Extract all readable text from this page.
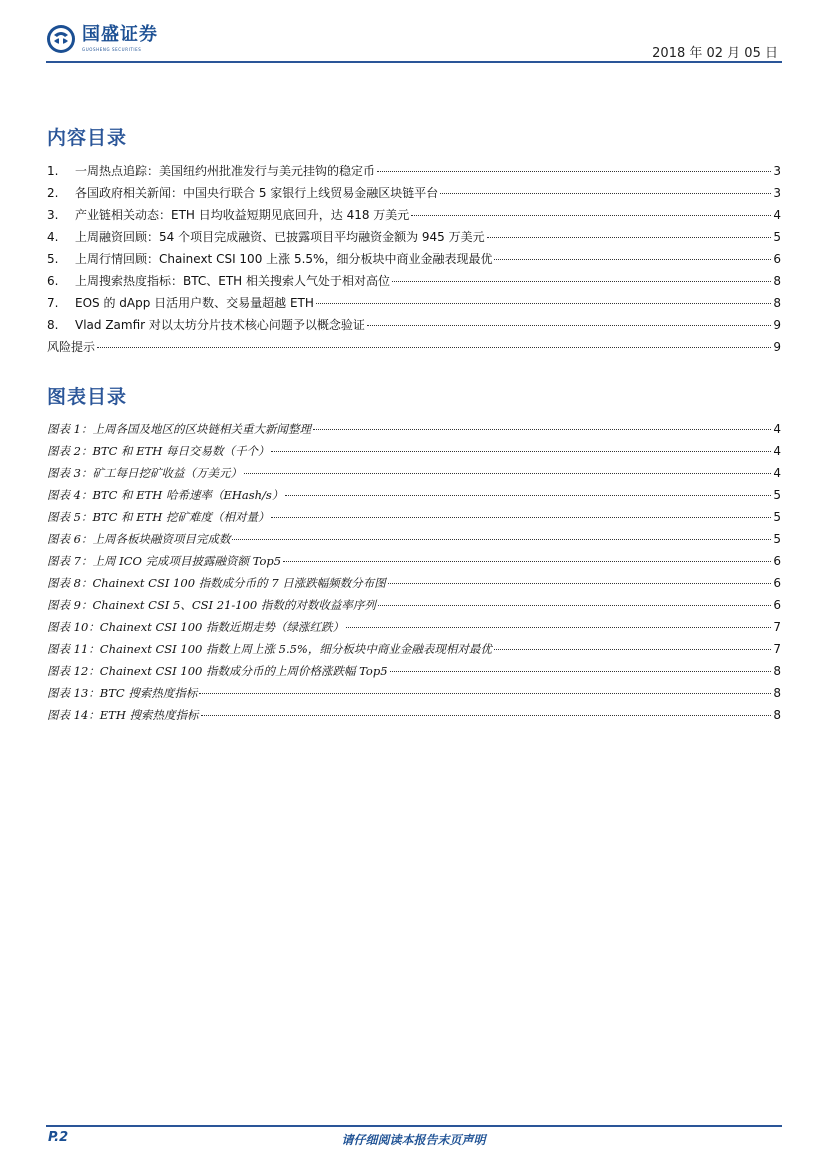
国盛证券
GUOSHENG SECURITIES	2018 年 02 月 05 日
内容目录
1.	一周热点追踪：美国纽约州批准发行与美元挂钩的稳定币	3
2.	各国政府相关新闻：中国央行联合 5 家银行上线贸易金融区块链平台	3
3.	产业链相关动态：ETH 日均收益短期见底回升，达 418 万美元	4
4.	上周融资回顾：54 个项目完成融资、已披露项目平均融资金额为 945 万美元	5
5.	上周行情回顾：Chainext CSI 100 上涨 5.5%，细分板块中商业金融表现最优	6
6.	上周搜索热度指标：BTC、ETH 相关搜索人气处于相对高位	8
7.	EOS 的 dApp 日活用户数、交易量超越 ETH	8
8.	Vlad Zamfir 对以太坊分片技术核心问题予以概念验证	9
风险提示	9
图表目录
图表 1：上周各国及地区的区块链相关重大新闻整理	4
图表 2：BTC 和 ETH 每日交易数（千个）	4
图表 3：矿工每日挖矿收益（万美元）	4
图表 4：BTC 和 ETH 哈希速率（EHash/s）	5
图表 5：BTC 和 ETH 挖矿难度（相对量）	5
图表 6：上周各板块融资项目完成数	5
图表 7：上周 ICO 完成项目披露融资额 Top5	6
图表 8：Chainext CSI 100 指数成分币的 7 日涨跌幅频数分布图	6
图表 9：Chainext CSI 5、CSI 21-100 指数的对数收益率序列	6
图表 10：Chainext CSI 100 指数近期走势（绿涨红跌）	7
图表 11：Chainext CSI 100 指数上周上涨 5.5%，细分板块中商业金融表现相对最优	7
图表 12：Chainext CSI 100 指数成分币的上周价格涨跌幅 Top5	8
图表 13：BTC 搜索热度指标	8
图表 14：ETH 搜索热度指标	8
P.2	请仔细阅读本报告末页声明
